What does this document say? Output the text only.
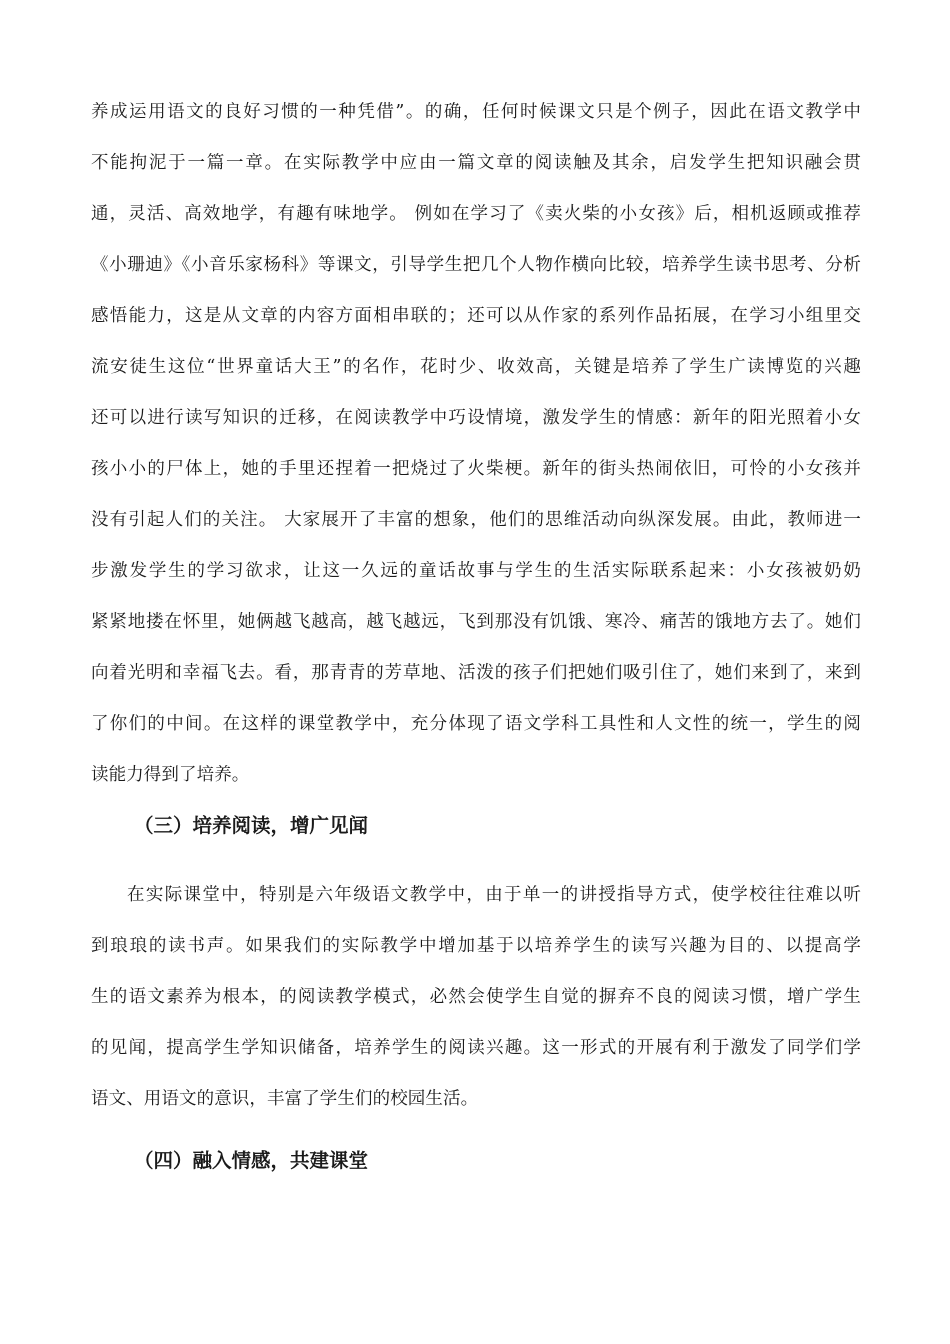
养成运用语文的良好习惯的一种凭借”。的确，任何时候课文只是个例子，因此在语文教学中
不能拘泥于一篇一章。在实际教学中应由一篇文章的阅读触及其余，启发学生把知识融会贯
通，灵活、高效地学，有趣有味地学。 例如在学习了《卖火柴的小女孩》后，相机返顾或推荐
《小珊迪》《小音乐家杨科》等课文，引导学生把几个人物作横向比较，培养学生读书思考、分析
感悟能力，这是从文章的内容方面相串联的；还可以从作家的系列作品拓展，在学习小组里交
流安徒生这位“世界童话大王”的名作，花时少、收效高，关键是培养了学生广读博览的兴趣
还可以进行读写知识的迁移，在阅读教学中巧设情境，激发学生的情感：新年的阳光照着小女
孩小小的尸体上，她的手里还捏着一把烧过了火柴梗。新年的街头热闹依旧，可怜的小女孩并
没有引起人们的关注。 大家展开了丰富的想象，他们的思维活动向纵深发展。由此，教师进一
步激发学生的学习欲求，让这一久远的童话故事与学生的生活实际联系起来：小女孩被奶奶
紧紧地搂在怀里，她俩越飞越高，越飞越远，飞到那没有饥饿、寒冷、痛苦的饿地方去了。她们
向着光明和幸福飞去。看，那青青的芳草地、活泼的孩子们把她们吸引住了，她们来到了，来到
了你们的中间。在这样的课堂教学中，充分体现了语文学科工具性和人文性的统一，学生的阅
读能力得到了培养。
（三）培养阅读，增广见闻
在实际课堂中，特别是六年级语文教学中，由于单一的讲授指导方式，使学校往往难以听
到琅琅的读书声。如果我们的实际教学中增加基于以培养学生的读写兴趣为目的、以提高学
生的语文素养为根本，的阅读教学模式，必然会使学生自觉的摒弃不良的阅读习惯，增广学生
的见闻，提高学生学知识储备，培养学生的阅读兴趣。这一形式的开展有利于激发了同学们学
语文、用语文的意识，丰富了学生们的校园生活。
（四）融入情感，共建课堂
